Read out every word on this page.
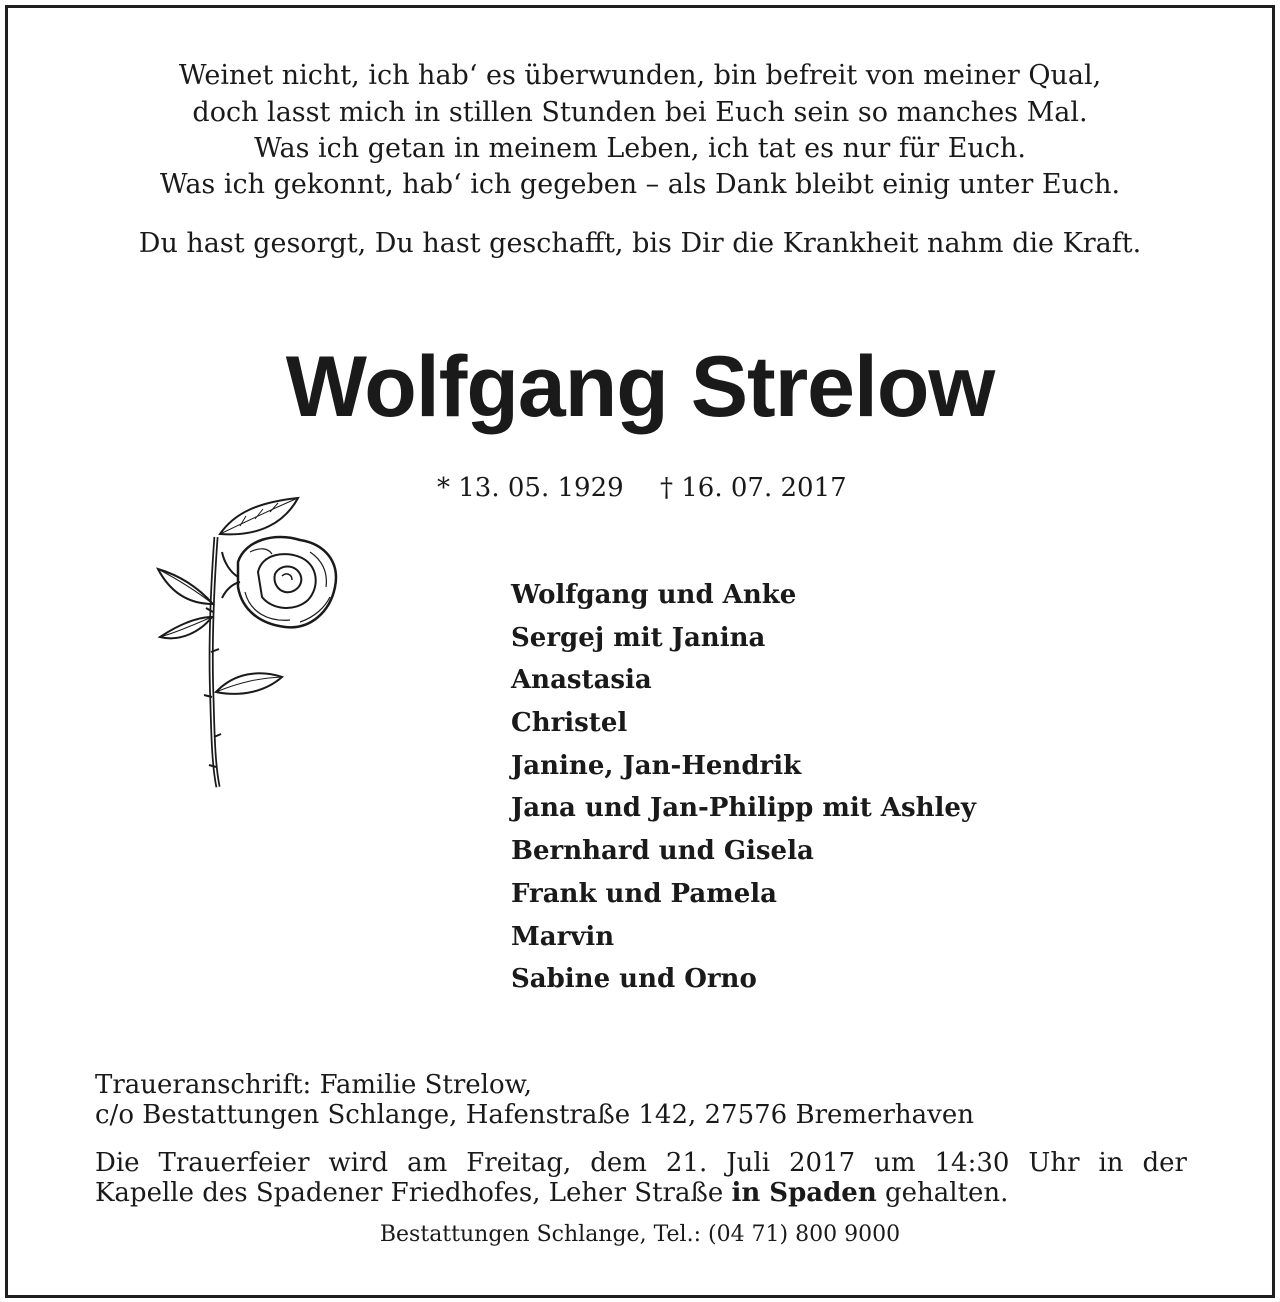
Weinet nicht, ich hab‘ es überwunden, bin befreit von meiner Qual,
doch lasst mich in stillen Stunden bei Euch sein so manches Mal.
Was ich getan in meinem Leben, ich tat es nur für Euch.
Was ich gekonnt, hab‘ ich gegeben – als Dank bleibt einig unter Euch.
Du hast gesorgt, Du hast geschafft, bis Dir die Krankheit nahm die Kraft.
Wolfgang Strelow
* 13. 05. 1929 † 16. 07. 2017
Wolfgang und Anke
Sergej mit Janina
Anastasia
Christel
Janine, Jan-Hendrik
Jana und Jan-Philipp mit Ashley
Bernhard und Gisela
Frank und Pamela
Marvin
Sabine und Orno
Traueranschrift: Familie Strelow,
c/o Bestattungen Schlange, Hafenstraße 142, 27576 Bremerhaven
Die Trauerfeier wird am Freitag, dem 21. Juli 2017 um 14:30 Uhr in der
Kapelle des Spadener Friedhofes, Leher Straße in Spaden gehalten.
Bestattungen Schlange, Tel.: (04 71) 800 9000
